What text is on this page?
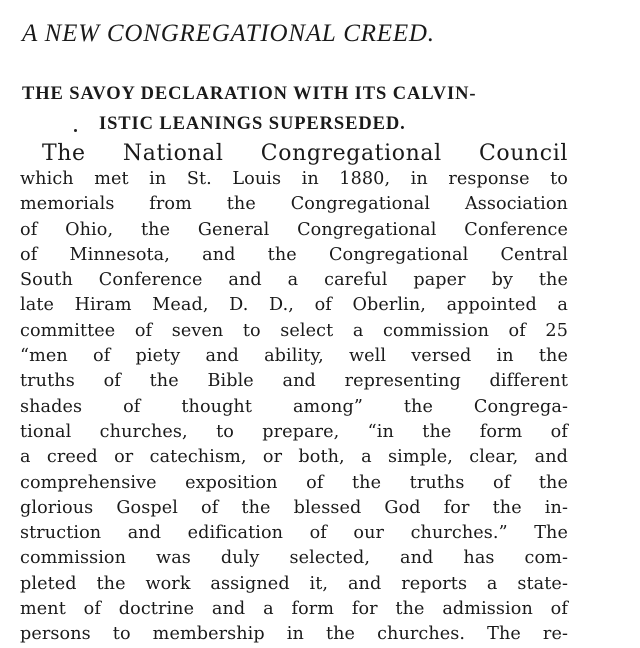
A NEW CONGREGATIONAL CREED.
THE SAVOY DECLARATION WITH ITS CALVIN-
ISTIC LEANINGS SUPERSEDED.
The National Congregational Council
which met in St. Louis in 1880, in response to
memorials from the Congregational Association
of Ohio, the General Congregational Conference
of Minnesota, and the Congregational Central
South Conference and a careful paper by the
late Hiram Mead, D. D., of Oberlin, appointed a
committee of seven to select a commission of 25
“men of piety and ability, well versed in the
truths of the Bible and representing different
shades of thought among” the Congrega-
tional churches, to prepare, “in the form of
a creed or catechism, or both, a simple, clear, and
comprehensive exposition of the truths of the
glorious Gospel of the blessed God for the in-
struction and edification of our churches.” The
commission was duly selected, and has com-
pleted the work assigned it, and reports a state-
ment of doctrine and a form for the admission of
persons to membership in the churches. The re-
